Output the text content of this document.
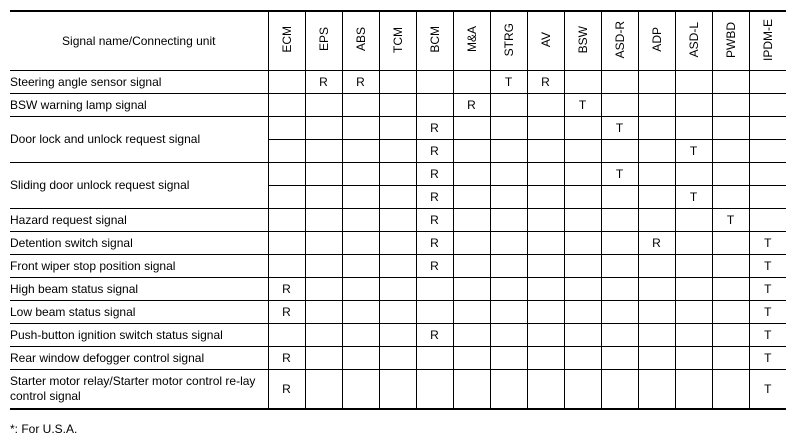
Signal name/Connecting unit	ECM	EPS	ABS	TCM	BCM	M&A	STRG	AV	BSW	ASD-R	ADP	ASD-L	PWBD	IPDM-E
Steering angle sensor signal		R	R				T	R						
BSW warning lamp signal						R			T					
Door lock and unlock request signal					R					T				
					R							T		
Sliding door unlock request signal					R					T				
					R							T		
Hazard request signal					R								T	
Detention switch signal					R						R			T
Front wiper stop position signal					R									T
High beam status signal	R													T
Low beam status signal	R													T
Push-button ignition switch status signal					R									T
Rear window defogger control signal	R													T
Starter motor relay/Starter motor control re-lay control signal	R													T
*: For U.S.A.
